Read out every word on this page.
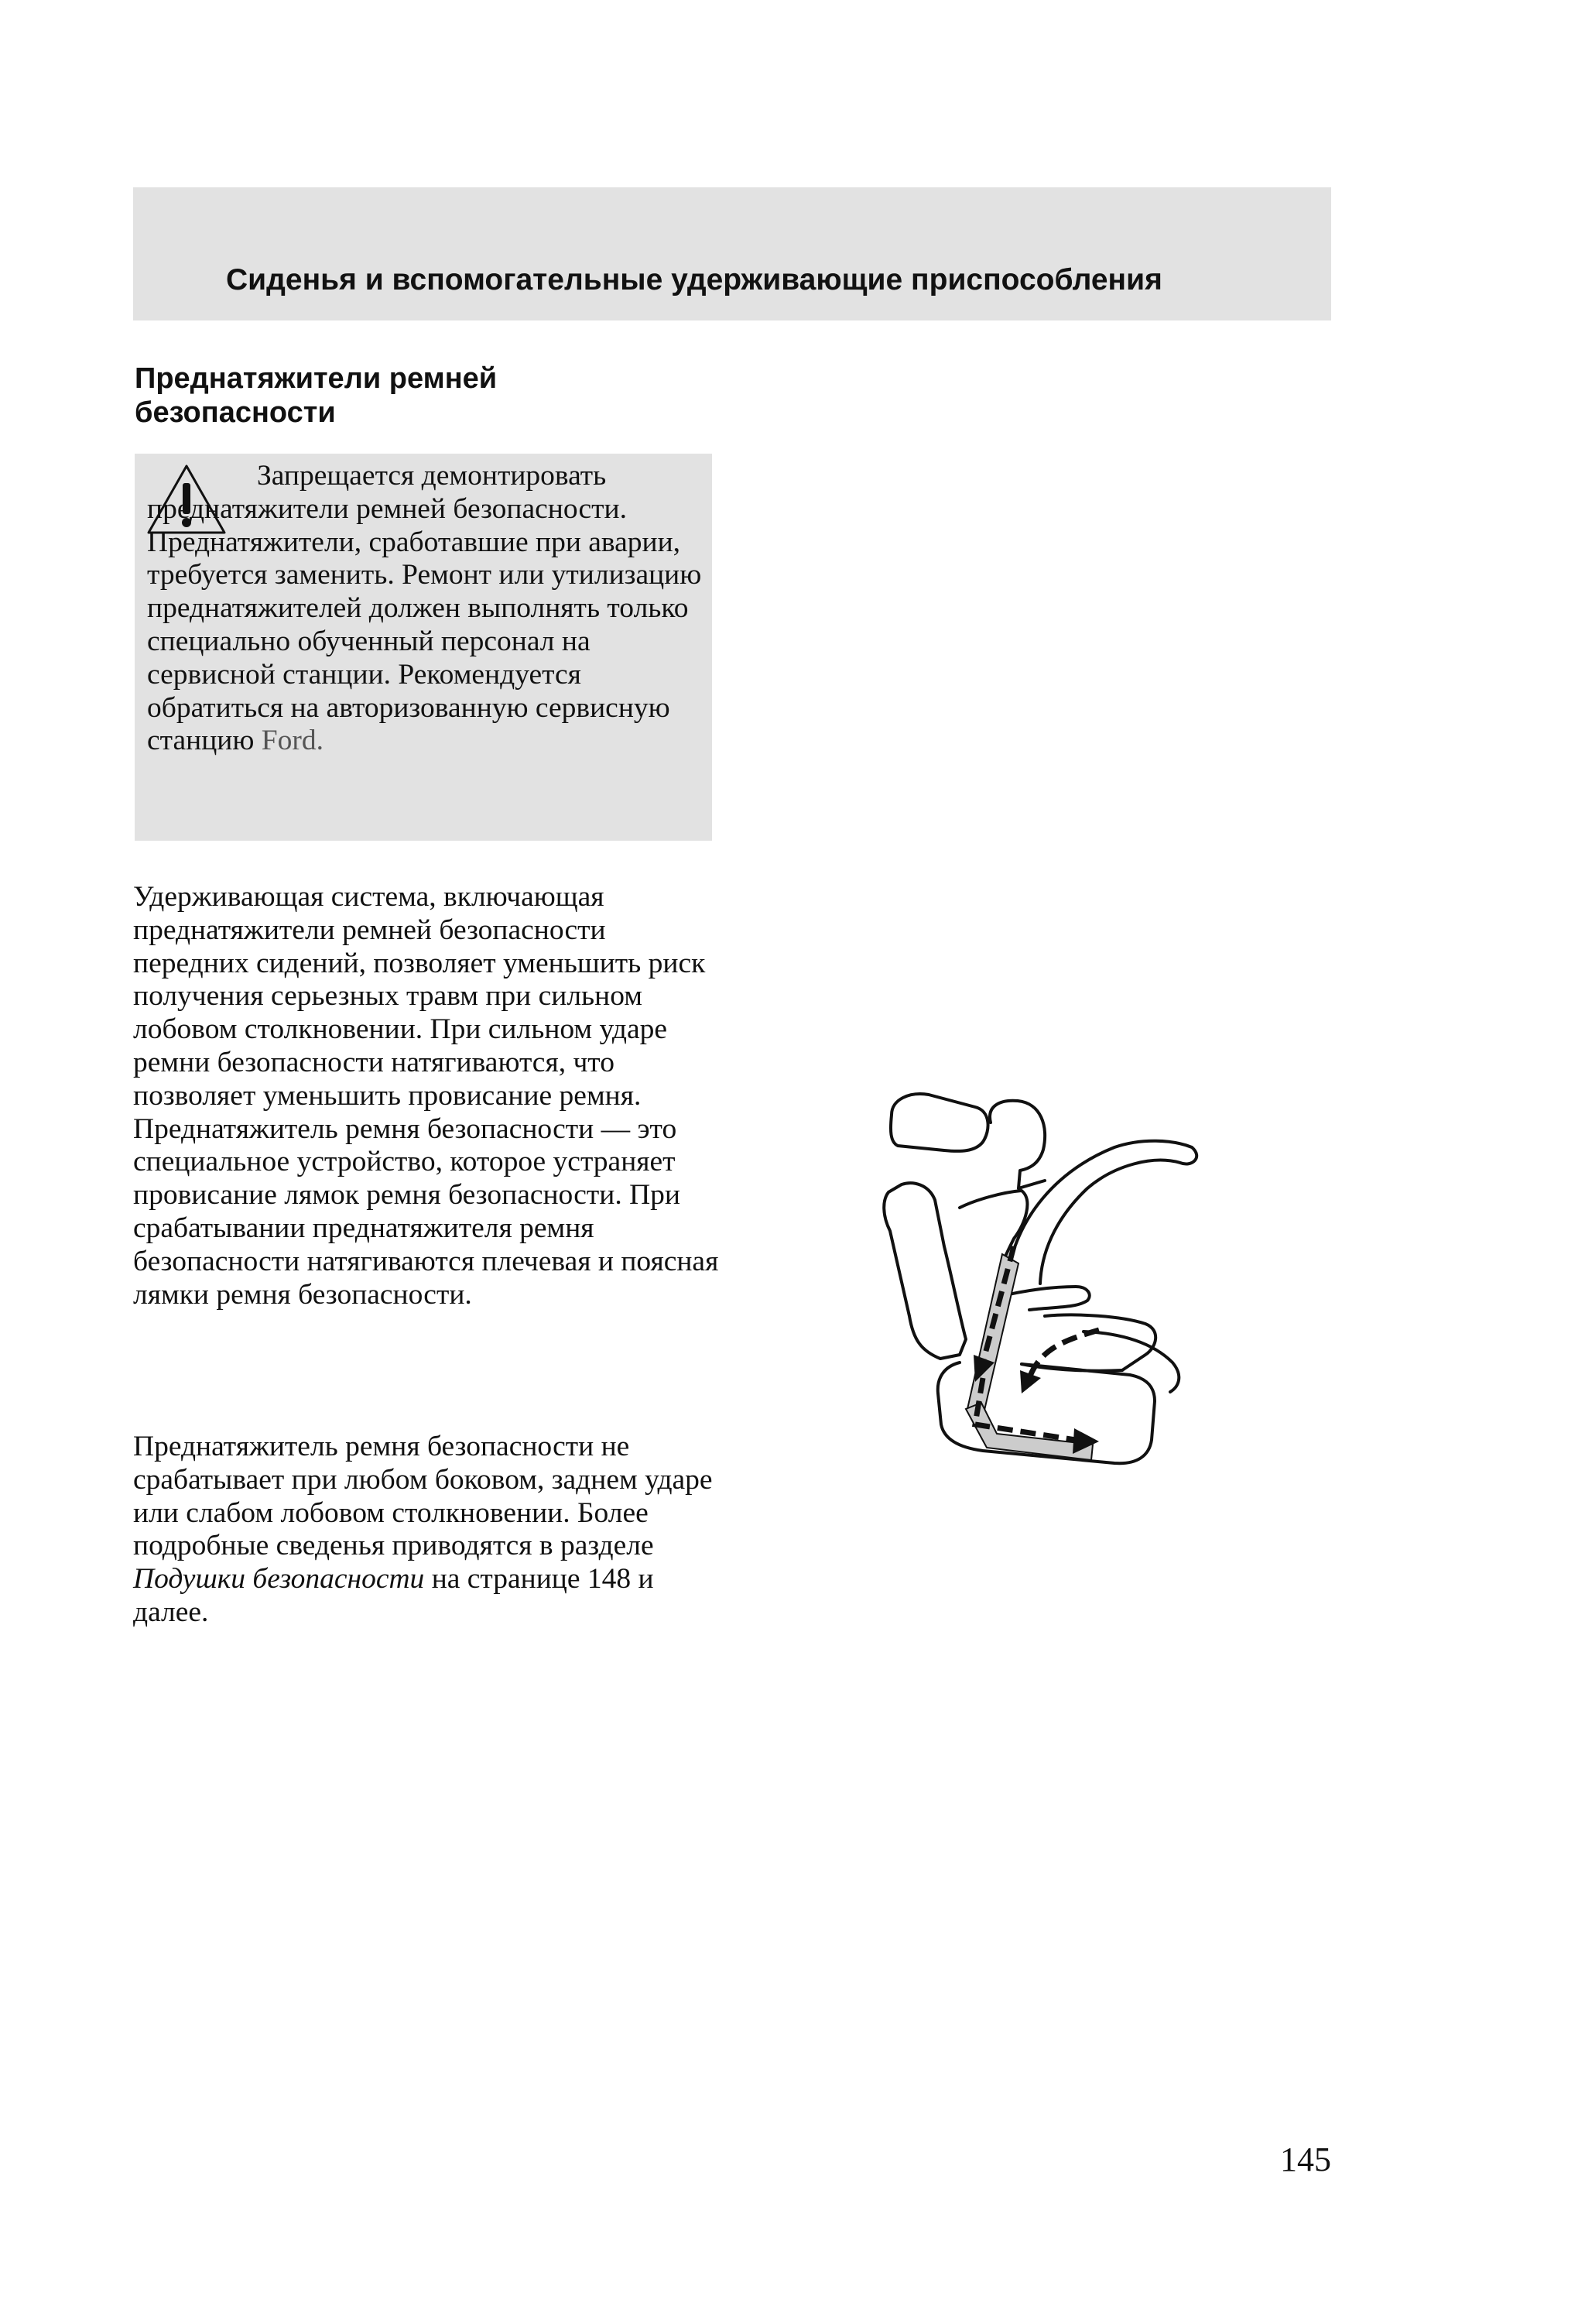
Сиденья и вспомогательные удерживающие приспособления
Преднатяжители ремней безопасности

Запрещается демонтировать преднатяжители ремней безопасности. Преднатяжители, сработавшие при аварии, требуется заменить. Ремонт или утилизацию преднатяжителей должен выполнять только специально обученный персонал на сервисной станции. Рекомендуется обратиться на авторизованную сервисную станцию Ford.

Удерживающая система, включающая преднатяжители ремней безопасности передних сидений, позволяет уменьшить риск получения серьезных травм при сильном лобовом столкновении. При сильном ударе ремни безопасности натягиваются, что позволяет уменьшить провисание ремня. Преднатяжитель ремня безопасности — это специальное устройство, которое устраняет провисание лямок ремня безопасности. При срабатывании преднатяжителя ремня безопасности натягиваются плечевая и поясная лямки ремня безопасности.

Преднатяжитель ремня безопасности не срабатывает при любом боковом, заднем ударе или слабом лобовом столкновении. Более подробные сведенья приводятся в разделе Подушки безопасности на странице 148 и далее.

145
